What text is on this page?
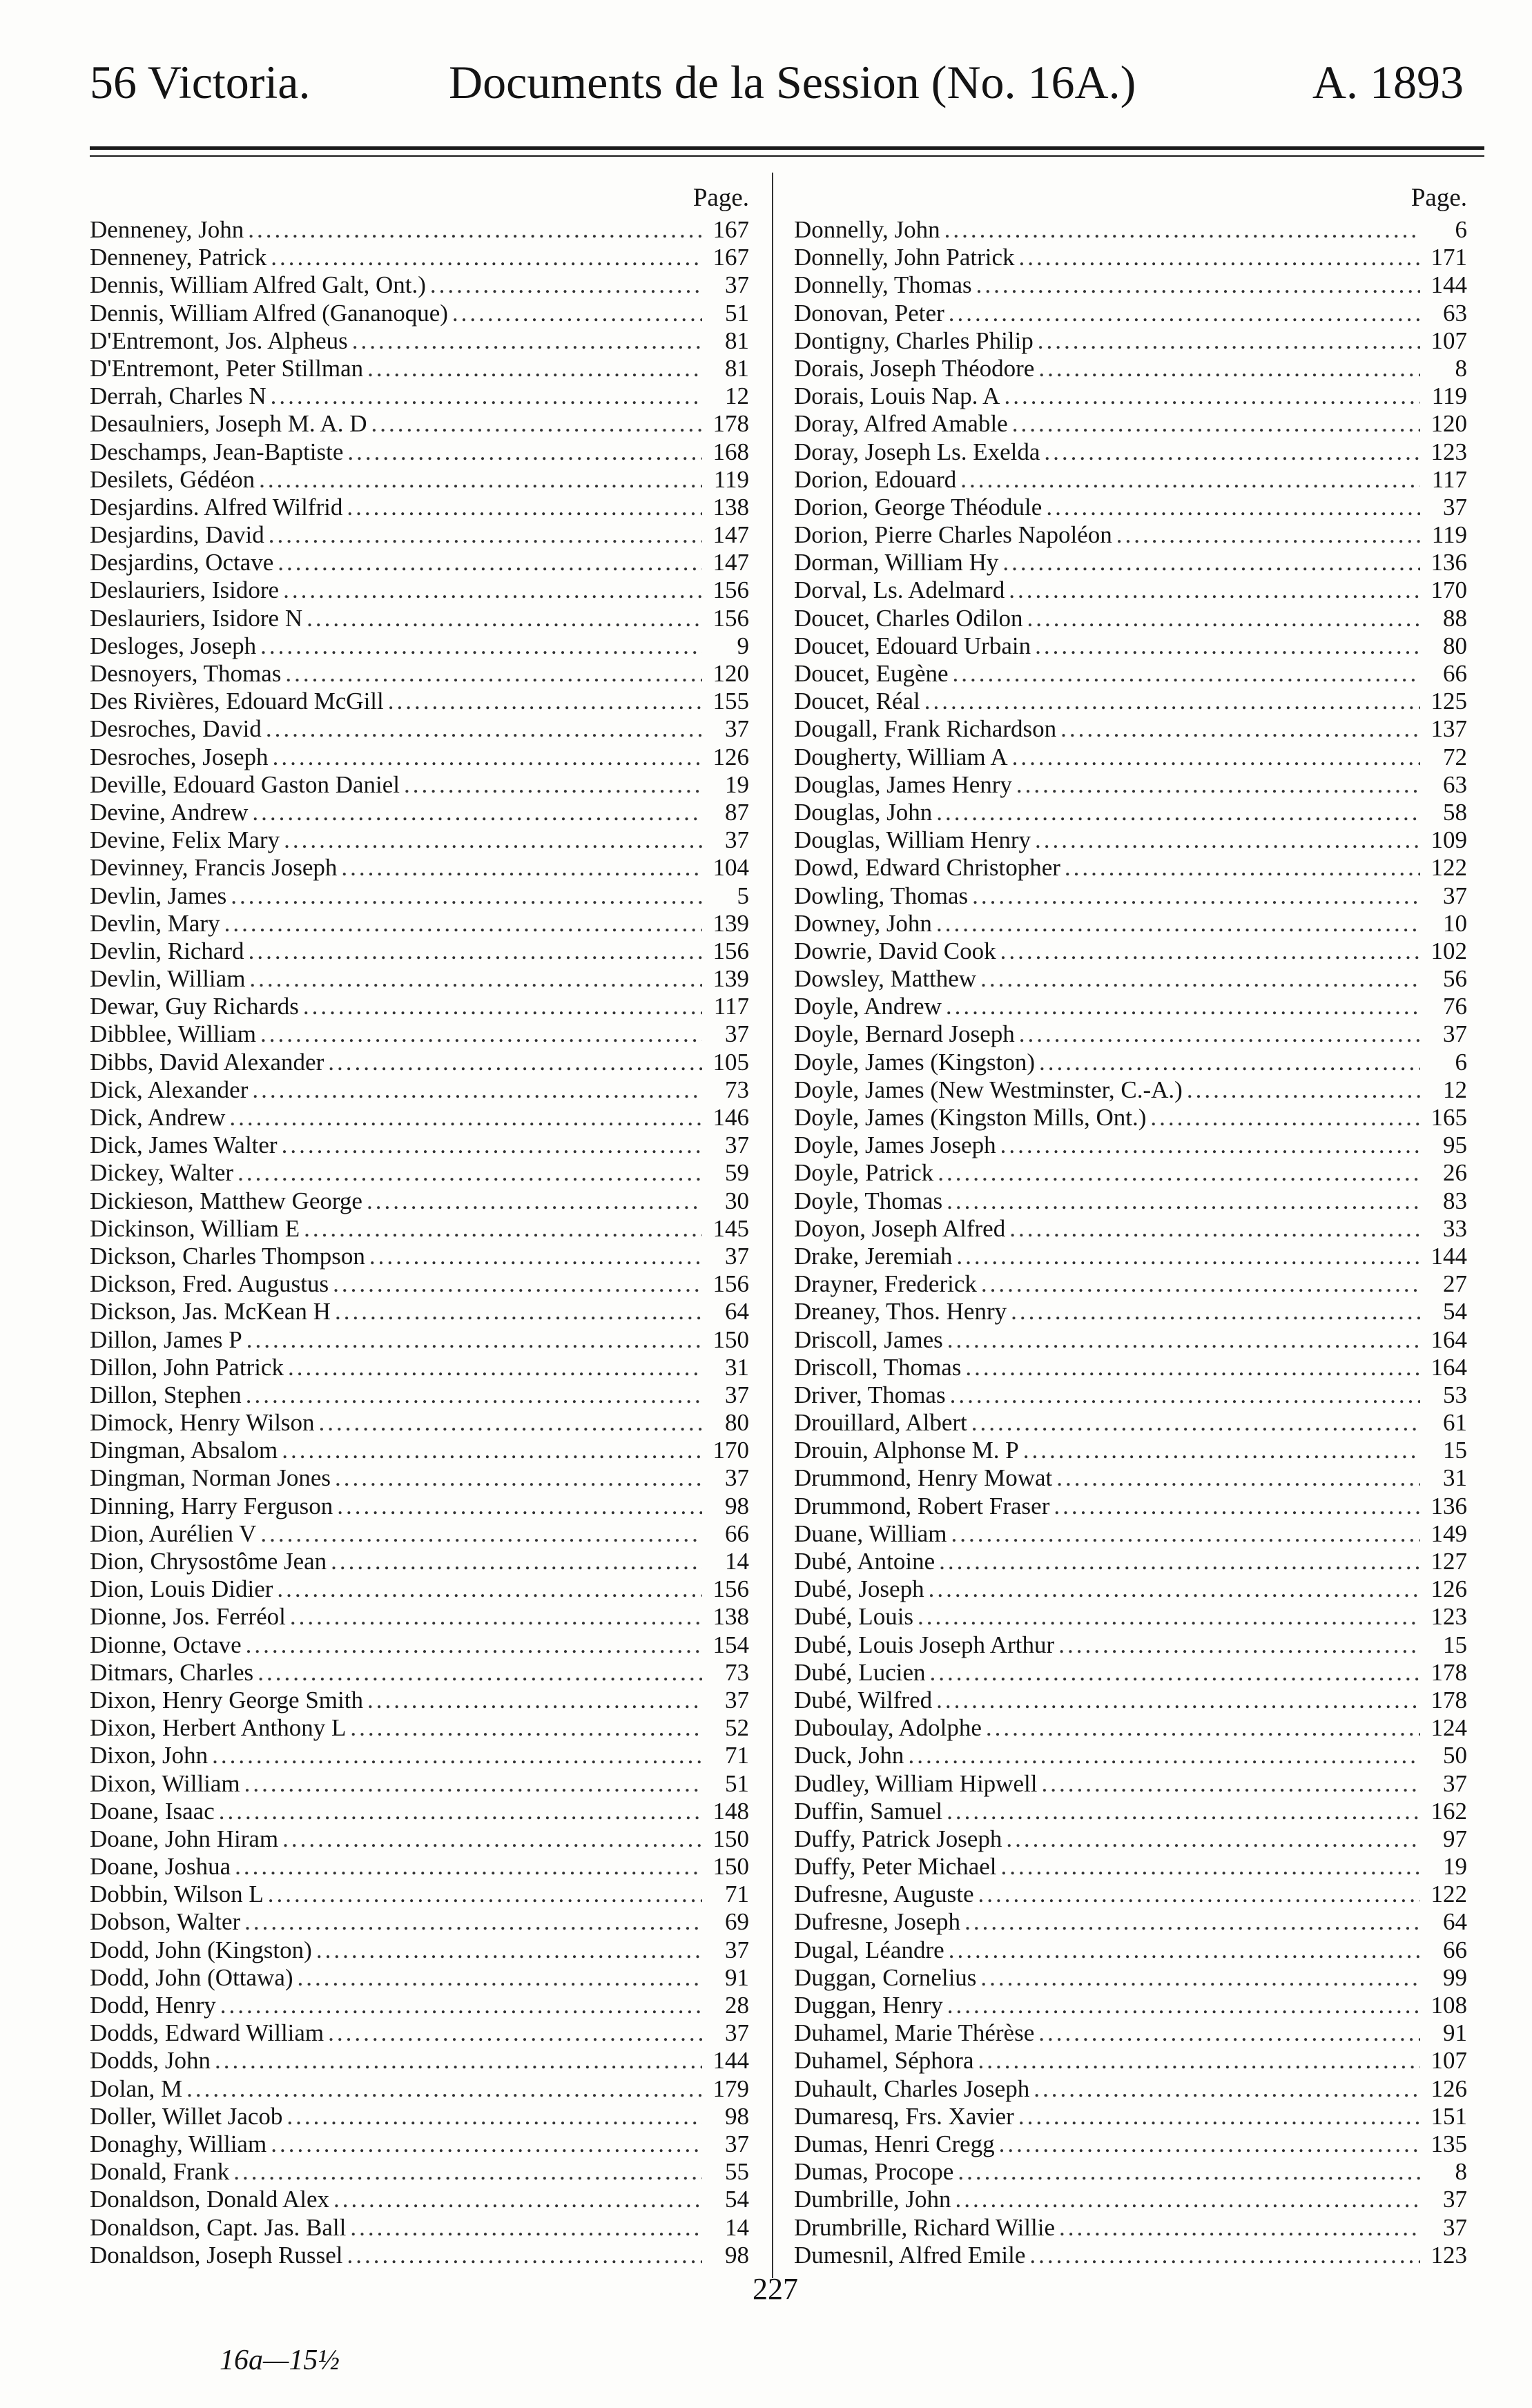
56 Victoria.	Documents de la Session (No. 16A.)	A. 1893
Page.
Denneney, John .....	167
Denneney, Patrick .....	167
Dennis, William Alfred Galt, Ont.) .....	37
Dennis, William Alfred (Gananoque) .....	51
D'Entremont, Jos. Alpheus .....	81
D'Entremont, Peter Stillman .....	81
Derrah, Charles N .....	12
Desaulniers, Joseph M. A. D .....	178
Deschamps, Jean-Baptiste .....	168
Desilets, Gédéon .....	119
Desjardins. Alfred Wilfrid .....	138
Desjardins, David .....	147
Desjardins, Octave .....	147
Deslauriers, Isidore .....	156
Deslauriers, Isidore N .....	156
Desloges, Joseph .....	9
Desnoyers, Thomas .....	120
Des Rivières, Edouard McGill .....	155
Desroches, David .....	37
Desroches, Joseph .....	126
Deville, Edouard Gaston Daniel .....	19
Devine, Andrew .....	87
Devine, Felix Mary .....	37
Devinney, Francis Joseph .....	104
Devlin, James .....	5
Devlin, Mary .....	139
Devlin, Richard .....	156
Devlin, William .....	139
Dewar, Guy Richards .....	117
Dibblee, William .....	37
Dibbs, David Alexander .....	105
Dick, Alexander .....	73
Dick, Andrew .....	146
Dick, James Walter .....	37
Dickey, Walter .....	59
Dickieson, Matthew George .....	30
Dickinson, William E .....	145
Dickson, Charles Thompson .....	37
Dickson, Fred. Augustus .....	156
Dickson, Jas. McKean H .....	64
Dillon, James P .....	150
Dillon, John Patrick .....	31
Dillon, Stephen .....	37
Dimock, Henry Wilson .....	80
Dingman, Absalom .....	170
Dingman, Norman Jones .....	37
Dinning, Harry Ferguson .....	98
Dion, Aurélien V .....	66
Dion, Chrysostôme Jean .....	14
Dion, Louis Didier .....	156
Dionne, Jos. Ferréol .....	138
Dionne, Octave .....	154
Ditmars, Charles .....	73
Dixon, Henry George Smith .....	37
Dixon, Herbert Anthony L .....	52
Dixon, John .....	71
Dixon, William .....	51
Doane, Isaac .....	148
Doane, John Hiram .....	150
Doane, Joshua .....	150
Dobbin, Wilson L .....	71
Dobson, Walter .....	69
Dodd, John (Kingston) .....	37
Dodd, John (Ottawa) .....	91
Dodd, Henry .....	28
Dodds, Edward William .....	37
Dodds, John .....	144
Dolan, M .....	179
Doller, Willet Jacob .....	98
Donaghy, William .....	37
Donald, Frank .....	55
Donaldson, Donald Alex .....	54
Donaldson, Capt. Jas. Ball .....	14
Donaldson, Joseph Russel .....	98
Page.
Donnelly, John .....	6
Donnelly, John Patrick .....	171
Donnelly, Thomas .....	144
Donovan, Peter .....	63
Dontigny, Charles Philip .....	107
Dorais, Joseph Théodore .....	8
Dorais, Louis Nap. A .....	119
Doray, Alfred Amable .....	120
Doray, Joseph Ls. Exelda .....	123
Dorion, Edouard .....	117
Dorion, George Théodule .....	37
Dorion, Pierre Charles Napoléon .....	119
Dorman, William Hy .....	136
Dorval, Ls. Adelmard .....	170
Doucet, Charles Odilon .....	88
Doucet, Edouard Urbain .....	80
Doucet, Eugène .....	66
Doucet, Réal .....	125
Dougall, Frank Richardson .....	137
Dougherty, William A .....	72
Douglas, James Henry .....	63
Douglas, John .....	58
Douglas, William Henry .....	109
Dowd, Edward Christopher .....	122
Dowling, Thomas .....	37
Downey, John .....	10
Dowrie, David Cook .....	102
Dowsley, Matthew .....	56
Doyle, Andrew .....	76
Doyle, Bernard Joseph .....	37
Doyle, James (Kingston) .....	6
Doyle, James (New Westminster, C.-A.) .....	12
Doyle, James (Kingston Mills, Ont.) .....	165
Doyle, James Joseph .....	95
Doyle, Patrick .....	26
Doyle, Thomas .....	83
Doyon, Joseph Alfred .....	33
Drake, Jeremiah .....	144
Drayner, Frederick .....	27
Dreaney, Thos. Henry .....	54
Driscoll, James .....	164
Driscoll, Thomas .....	164
Driver, Thomas .....	53
Drouillard, Albert .....	61
Drouin, Alphonse M. P .....	15
Drummond, Henry Mowat .....	31
Drummond, Robert Fraser .....	136
Duane, William .....	149
Dubé, Antoine .....	127
Dubé, Joseph .....	126
Dubé, Louis .....	123
Dubé, Louis Joseph Arthur .....	15
Dubé, Lucien .....	178
Dubé, Wilfred .....	178
Duboulay, Adolphe .....	124
Duck, John .....	50
Dudley, William Hipwell .....	37
Duffin, Samuel .....	162
Duffy, Patrick Joseph .....	97
Duffy, Peter Michael .....	19
Dufresne, Auguste .....	122
Dufresne, Joseph .....	64
Dugal, Léandre .....	66
Duggan, Cornelius .....	99
Duggan, Henry .....	108
Duhamel, Marie Thérèse .....	91
Duhamel, Séphora .....	107
Duhault, Charles Joseph .....	126
Dumaresq, Frs. Xavier .....	151
Dumas, Henri Cregg .....	135
Dumas, Procope .....	8
Dumbrille, John .....	37
Drumbrille, Richard Willie .....	37
Dumesnil, Alfred Emile .....	123
227
16a—15½
